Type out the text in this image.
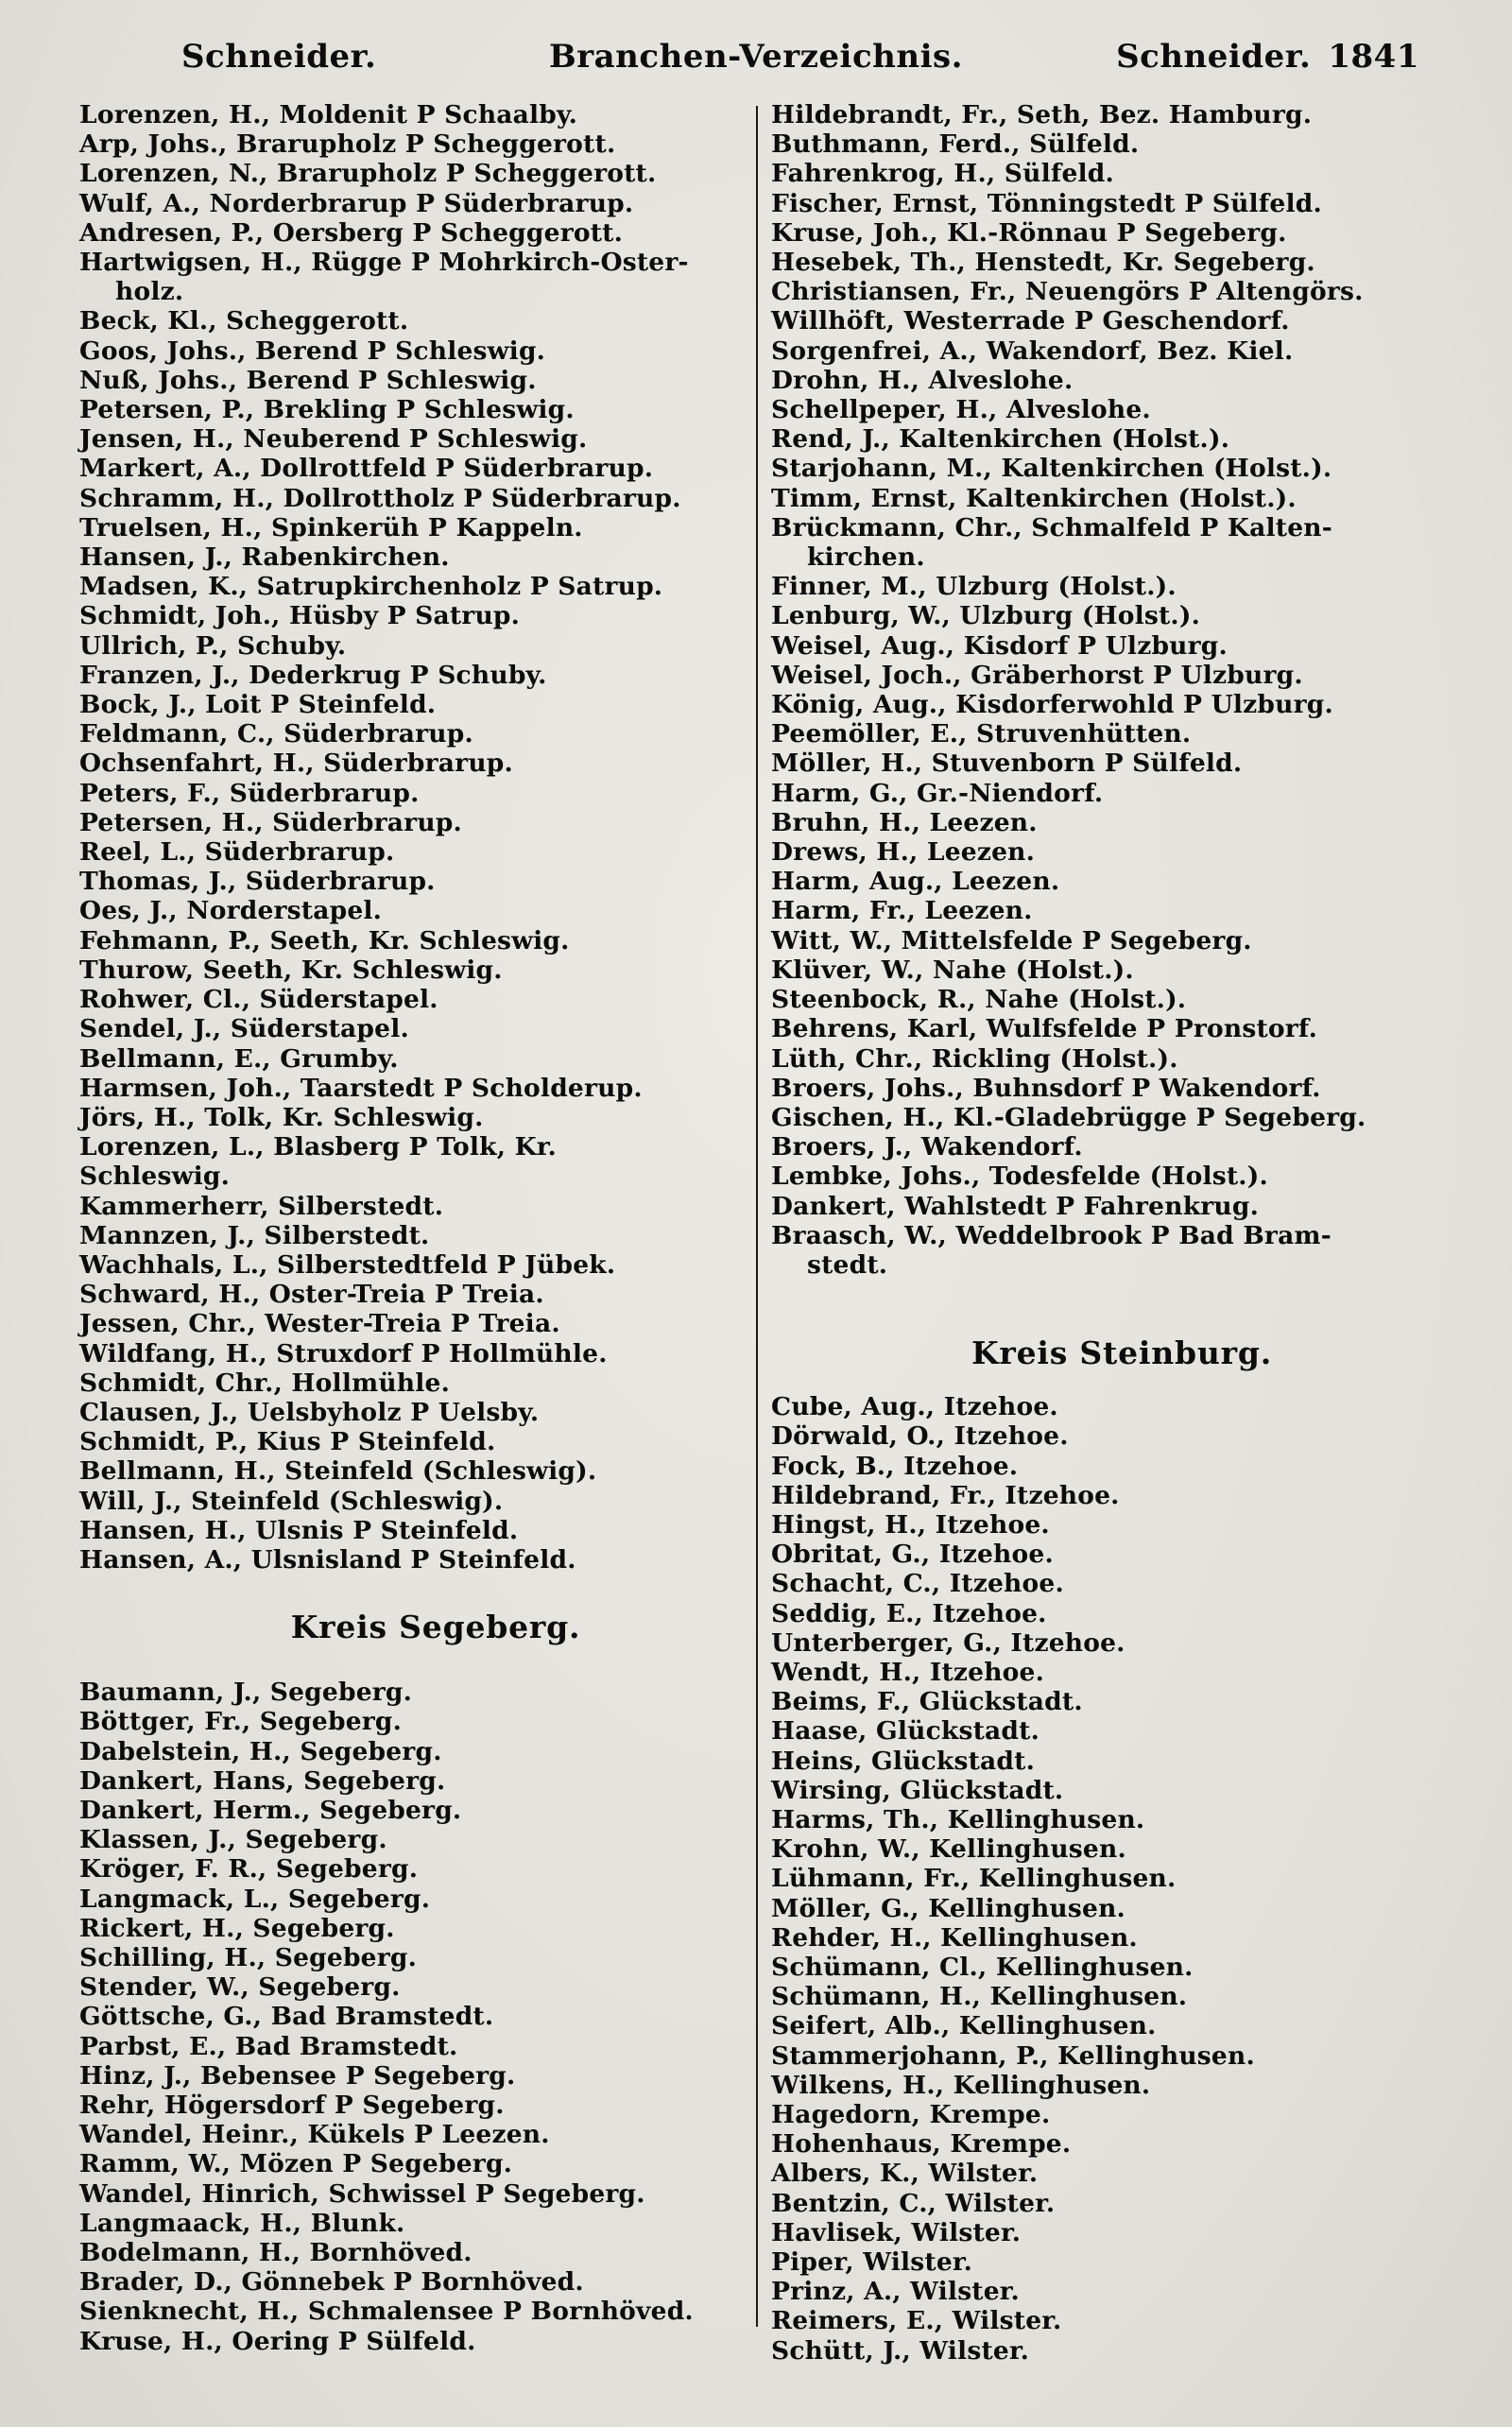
Schneider.	Branchen-Verzeichnis.	Schneider. 1841
Lorenzen, H., Moldenit P Schaalby.
Arp, Johs., Brarupholz P Scheggerott.
Lorenzen, N., Brarupholz P Scheggerott.
Wulf, A., Norderbrarup P Süderbrarup.
Andresen, P., Oersberg P Scheggerott.
Hartwigsen, H., Rügge P Mohrkirch-Oster-
holz.
Beck, Kl., Scheggerott.
Goos, Johs., Berend P Schleswig.
Nuß, Johs., Berend P Schleswig.
Petersen, P., Brekling P Schleswig.
Jensen, H., Neuberend P Schleswig.
Markert, A., Dollrottfeld P Süderbrarup.
Schramm, H., Dollrottholz P Süderbrarup.
Truelsen, H., Spinkerüh P Kappeln.
Hansen, J., Rabenkirchen.
Madsen, K., Satrupkirchenholz P Satrup.
Schmidt, Joh., Hüsby P Satrup.
Ullrich, P., Schuby.
Franzen, J., Dederkrug P Schuby.
Bock, J., Loit P Steinfeld.
Feldmann, C., Süderbrarup.
Ochsenfahrt, H., Süderbrarup.
Peters, F., Süderbrarup.
Petersen, H., Süderbrarup.
Reel, L., Süderbrarup.
Thomas, J., Süderbrarup.
Oes, J., Norderstapel.
Fehmann, P., Seeth, Kr. Schleswig.
Thurow, Seeth, Kr. Schleswig.
Rohwer, Cl., Süderstapel.
Sendel, J., Süderstapel.
Bellmann, E., Grumby.
Harmsen, Joh., Taarstedt P Scholderup.
Jörs, H., Tolk, Kr. Schleswig.
Lorenzen, L., Blasberg P Tolk, Kr.
Schleswig.
Kammerherr, Silberstedt.
Mannzen, J., Silberstedt.
Wachhals, L., Silberstedtfeld P Jübek.
Schward, H., Oster-Treia P Treia.
Jessen, Chr., Wester-Treia P Treia.
Wildfang, H., Struxdorf P Hollmühle.
Schmidt, Chr., Hollmühle.
Clausen, J., Uelsbyholz P Uelsby.
Schmidt, P., Kius P Steinfeld.
Bellmann, H., Steinfeld (Schleswig).
Will, J., Steinfeld (Schleswig).
Hansen, H., Ulsnis P Steinfeld.
Hansen, A., Ulsnisland P Steinfeld.
Kreis Segeberg.
Baumann, J., Segeberg.
Böttger, Fr., Segeberg.
Dabelstein, H., Segeberg.
Dankert, Hans, Segeberg.
Dankert, Herm., Segeberg.
Klassen, J., Segeberg.
Kröger, F. R., Segeberg.
Langmack, L., Segeberg.
Rickert, H., Segeberg.
Schilling, H., Segeberg.
Stender, W., Segeberg.
Göttsche, G., Bad Bramstedt.
Parbst, E., Bad Bramstedt.
Hinz, J., Bebensee P Segeberg.
Rehr, Högersdorf P Segeberg.
Wandel, Heinr., Kükels P Leezen.
Ramm, W., Mözen P Segeberg.
Wandel, Hinrich, Schwissel P Segeberg.
Langmaack, H., Blunk.
Bodelmann, H., Bornhöved.
Brader, D., Gönnebek P Bornhöved.
Sienknecht, H., Schmalensee P Bornhöved.
Kruse, H., Oering P Sülfeld.
Hildebrandt, Fr., Seth, Bez. Hamburg.
Buthmann, Ferd., Sülfeld.
Fahrenkrog, H., Sülfeld.
Fischer, Ernst, Tönningstedt P Sülfeld.
Kruse, Joh., Kl.-Rönnau P Segeberg.
Hesebek, Th., Henstedt, Kr. Segeberg.
Christiansen, Fr., Neuengörs P Altengörs.
Willhöft, Westerrade P Geschendorf.
Sorgenfrei, A., Wakendorf, Bez. Kiel.
Drohn, H., Alveslohe.
Schellpeper, H., Alveslohe.
Rend, J., Kaltenkirchen (Holst.).
Starjohann, M., Kaltenkirchen (Holst.).
Timm, Ernst, Kaltenkirchen (Holst.).
Brückmann, Chr., Schmalfeld P Kalten-
kirchen.
Finner, M., Ulzburg (Holst.).
Lenburg, W., Ulzburg (Holst.).
Weisel, Aug., Kisdorf P Ulzburg.
Weisel, Joch., Gräberhorst P Ulzburg.
König, Aug., Kisdorferwohld P Ulzburg.
Peemöller, E., Struvenhütten.
Möller, H., Stuvenborn P Sülfeld.
Harm, G., Gr.-Niendorf.
Bruhn, H., Leezen.
Drews, H., Leezen.
Harm, Aug., Leezen.
Harm, Fr., Leezen.
Witt, W., Mittelsfelde P Segeberg.
Klüver, W., Nahe (Holst.).
Steenbock, R., Nahe (Holst.).
Behrens, Karl, Wulfsfelde P Pronstorf.
Lüth, Chr., Rickling (Holst.).
Broers, Johs., Buhnsdorf P Wakendorf.
Gischen, H., Kl.-Gladebrügge P Segeberg.
Broers, J., Wakendorf.
Lembke, Johs., Todesfelde (Holst.).
Dankert, Wahlstedt P Fahrenkrug.
Braasch, W., Weddelbrook P Bad Bram-
stedt.
Kreis Steinburg.
Cube, Aug., Itzehoe.
Dörwald, O., Itzehoe.
Fock, B., Itzehoe.
Hildebrand, Fr., Itzehoe.
Hingst, H., Itzehoe.
Obritat, G., Itzehoe.
Schacht, C., Itzehoe.
Seddig, E., Itzehoe.
Unterberger, G., Itzehoe.
Wendt, H., Itzehoe.
Beims, F., Glückstadt.
Haase, Glückstadt.
Heins, Glückstadt.
Wirsing, Glückstadt.
Harms, Th., Kellinghusen.
Krohn, W., Kellinghusen.
Lühmann, Fr., Kellinghusen.
Möller, G., Kellinghusen.
Rehder, H., Kellinghusen.
Schümann, Cl., Kellinghusen.
Schümann, H., Kellinghusen.
Seifert, Alb., Kellinghusen.
Stammerjohann, P., Kellinghusen.
Wilkens, H., Kellinghusen.
Hagedorn, Krempe.
Hohenhaus, Krempe.
Albers, K., Wilster.
Bentzin, C., Wilster.
Havlisek, Wilster.
Piper, Wilster.
Prinz, A., Wilster.
Reimers, E., Wilster.
Schütt, J., Wilster.
